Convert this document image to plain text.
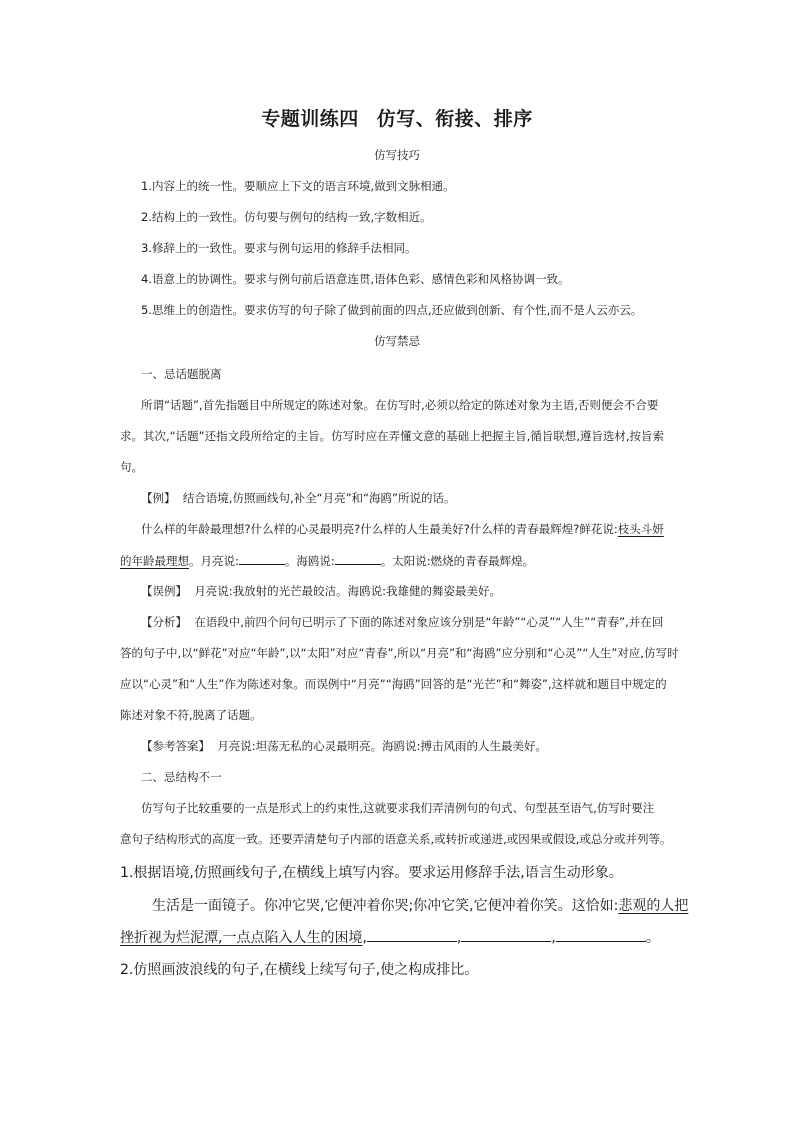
专题训练四 仿写、衔接、排序
仿写技巧
1.内容上的统一性。要顺应上下文的语言环境,做到文脉相通。
2.结构上的一致性。仿句要与例句的结构一致,字数相近。
3.修辞上的一致性。要求与例句运用的修辞手法相同。
4.语意上的协调性。要求与例句前后语意连贯,语体色彩、感情色彩和风格协调一致。
5.思维上的创造性。要求仿写的句子除了做到前面的四点,还应做到创新、有个性,而不是人云亦云。
仿写禁忌
一、忌话题脱离
所谓“话题”,首先指题目中所规定的陈述对象。在仿写时,必须以给定的陈述对象为主语,否则便会不合要
求。其次,“话题”还指文段所给定的主旨。仿写时应在弄懂文意的基础上把握主旨,循旨联想,遵旨选材,按旨索
句。
【例】 结合语境,仿照画线句,补全“月亮”和“海鸥”所说的话。
什么样的年龄最理想?什么样的心灵最明亮?什么样的人生最美好?什么样的青春最辉煌?鲜花说:枝头斗妍
的年龄最理想。月亮说:	。海鸥说:	。太阳说:燃烧的青春最辉煌。
【误例】 月亮说:我放射的光芒最皎洁。海鸥说:我雄健的舞姿最美好。
【分析】 在语段中,前四个问句已明示了下面的陈述对象应该分别是“年龄”“心灵”“人生”“青春”,并在回
答的句子中,以“鲜花”对应“年龄”,以“太阳”对应“青春”,所以“月亮”和“海鸥”应分别和“心灵”“人生”对应,仿写时
应以“心灵”和“人生”作为陈述对象。而误例中“月亮”“海鸥”回答的是“光芒”和“舞姿”,这样就和题目中规定的
陈述对象不符,脱离了话题。
【参考答案】 月亮说:坦荡无私的心灵最明亮。海鸥说:搏击风雨的人生最美好。
二、忌结构不一
仿写句子比较重要的一点是形式上的约束性,这就要求我们弄清例句的句式、句型甚至语气,仿写时要注
意句子结构形式的高度一致。还要弄清楚句子内部的语意关系,或转折或递进,或因果或假设,或总分或并列等。
1.根据语境,仿照画线句子,在横线上填写内容。要求运用修辞手法,语言生动形象。
生活是一面镜子。你冲它哭,它便冲着你哭;你冲它笑,它便冲着你笑。这恰如:悲观的人把
挫折视为烂泥潭,一点点陷入人生的困境,	,	,	。
2.仿照画波浪线的句子,在横线上续写句子,使之构成排比。
